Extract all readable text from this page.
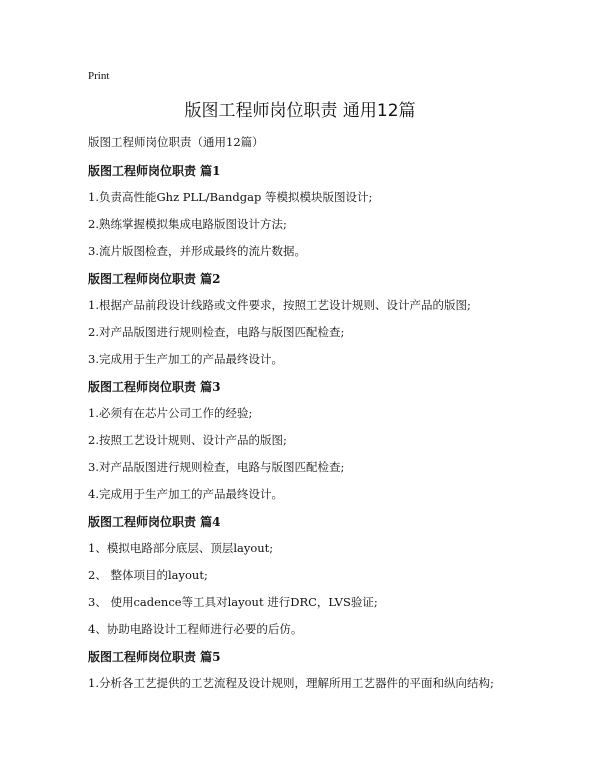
Print
版图工程师岗位职责 通用12篇
版图工程师岗位职责（通用12篇）
版图工程师岗位职责 篇1
1.负责高性能Ghz PLL/Bandgap 等模拟模块版图设计;
2.熟练掌握模拟集成电路版图设计方法;
3.流片版图检查，并形成最终的流片数据。
版图工程师岗位职责 篇2
1.根据产品前段设计线路或文件要求，按照工艺设计规则、设计产品的版图;
2.对产品版图进行规则检查，电路与版图匹配检查;
3.完成用于生产加工的产品最终设计。
版图工程师岗位职责 篇3
1.必须有在芯片公司工作的经验;
2.按照工艺设计规则、设计产品的版图;
3.对产品版图进行规则检查，电路与版图匹配检查;
4.完成用于生产加工的产品最终设计。
版图工程师岗位职责 篇4
1、模拟电路部分底层、顶层layout;
2、 整体项目的layout;
3、 使用cadence等工具对layout 进行DRC，LVS验证;
4、协助电路设计工程师进行必要的后仿。
版图工程师岗位职责 篇5
1.分析各工艺提供的工艺流程及设计规则，理解所用工艺器件的平面和纵向结构;
